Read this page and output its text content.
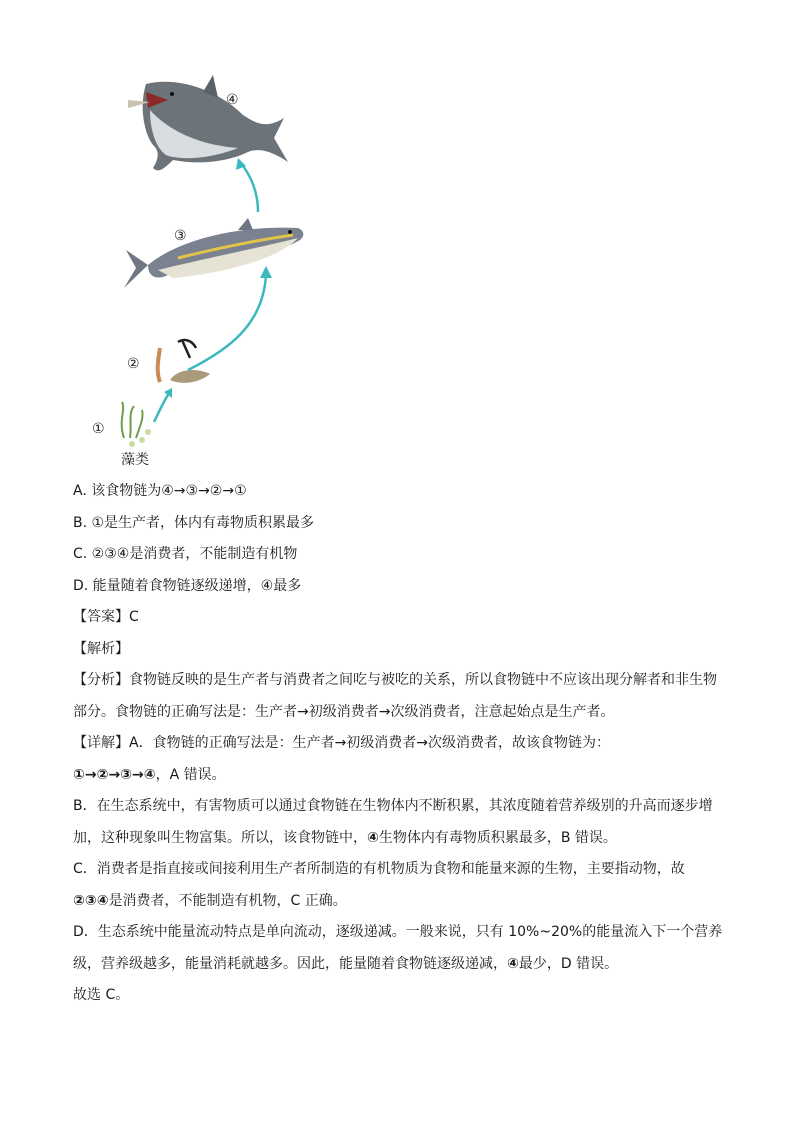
①
②
③
④
藻类
A. 该食物链为④→③→②→①
B. ①是生产者，体内有毒物质积累最多
C. ②③④是消费者，不能制造有机物
D. 能量随着食物链逐级递增，④最多
【答案】C
【解析】
【分析】食物链反映的是生产者与消费者之间吃与被吃的关系，所以食物链中不应该出现分解者和非生物
部分。食物链的正确写法是：生产者→初级消费者→次级消费者，注意起始点是生产者。
【详解】A．食物链的正确写法是：生产者→初级消费者→次级消费者，故该食物链为：
①→②→③→④，A 错误。
B．在生态系统中，有害物质可以通过食物链在生物体内不断积累，其浓度随着营养级别的升高而逐步增
加，这种现象叫生物富集。所以，该食物链中，④生物体内有毒物质积累最多，B 错误。
C．消费者是指直接或间接利用生产者所制造的有机物质为食物和能量来源的生物，主要指动物，故
②③④是消费者，不能制造有机物，C 正确。
D．生态系统中能量流动特点是单向流动，逐级递减。一般来说，只有 10%~20%的能量流入下一个营养
级，营养级越多，能量消耗就越多。因此，能量随着食物链逐级递减，④最少，D 错误。
故选 C。
